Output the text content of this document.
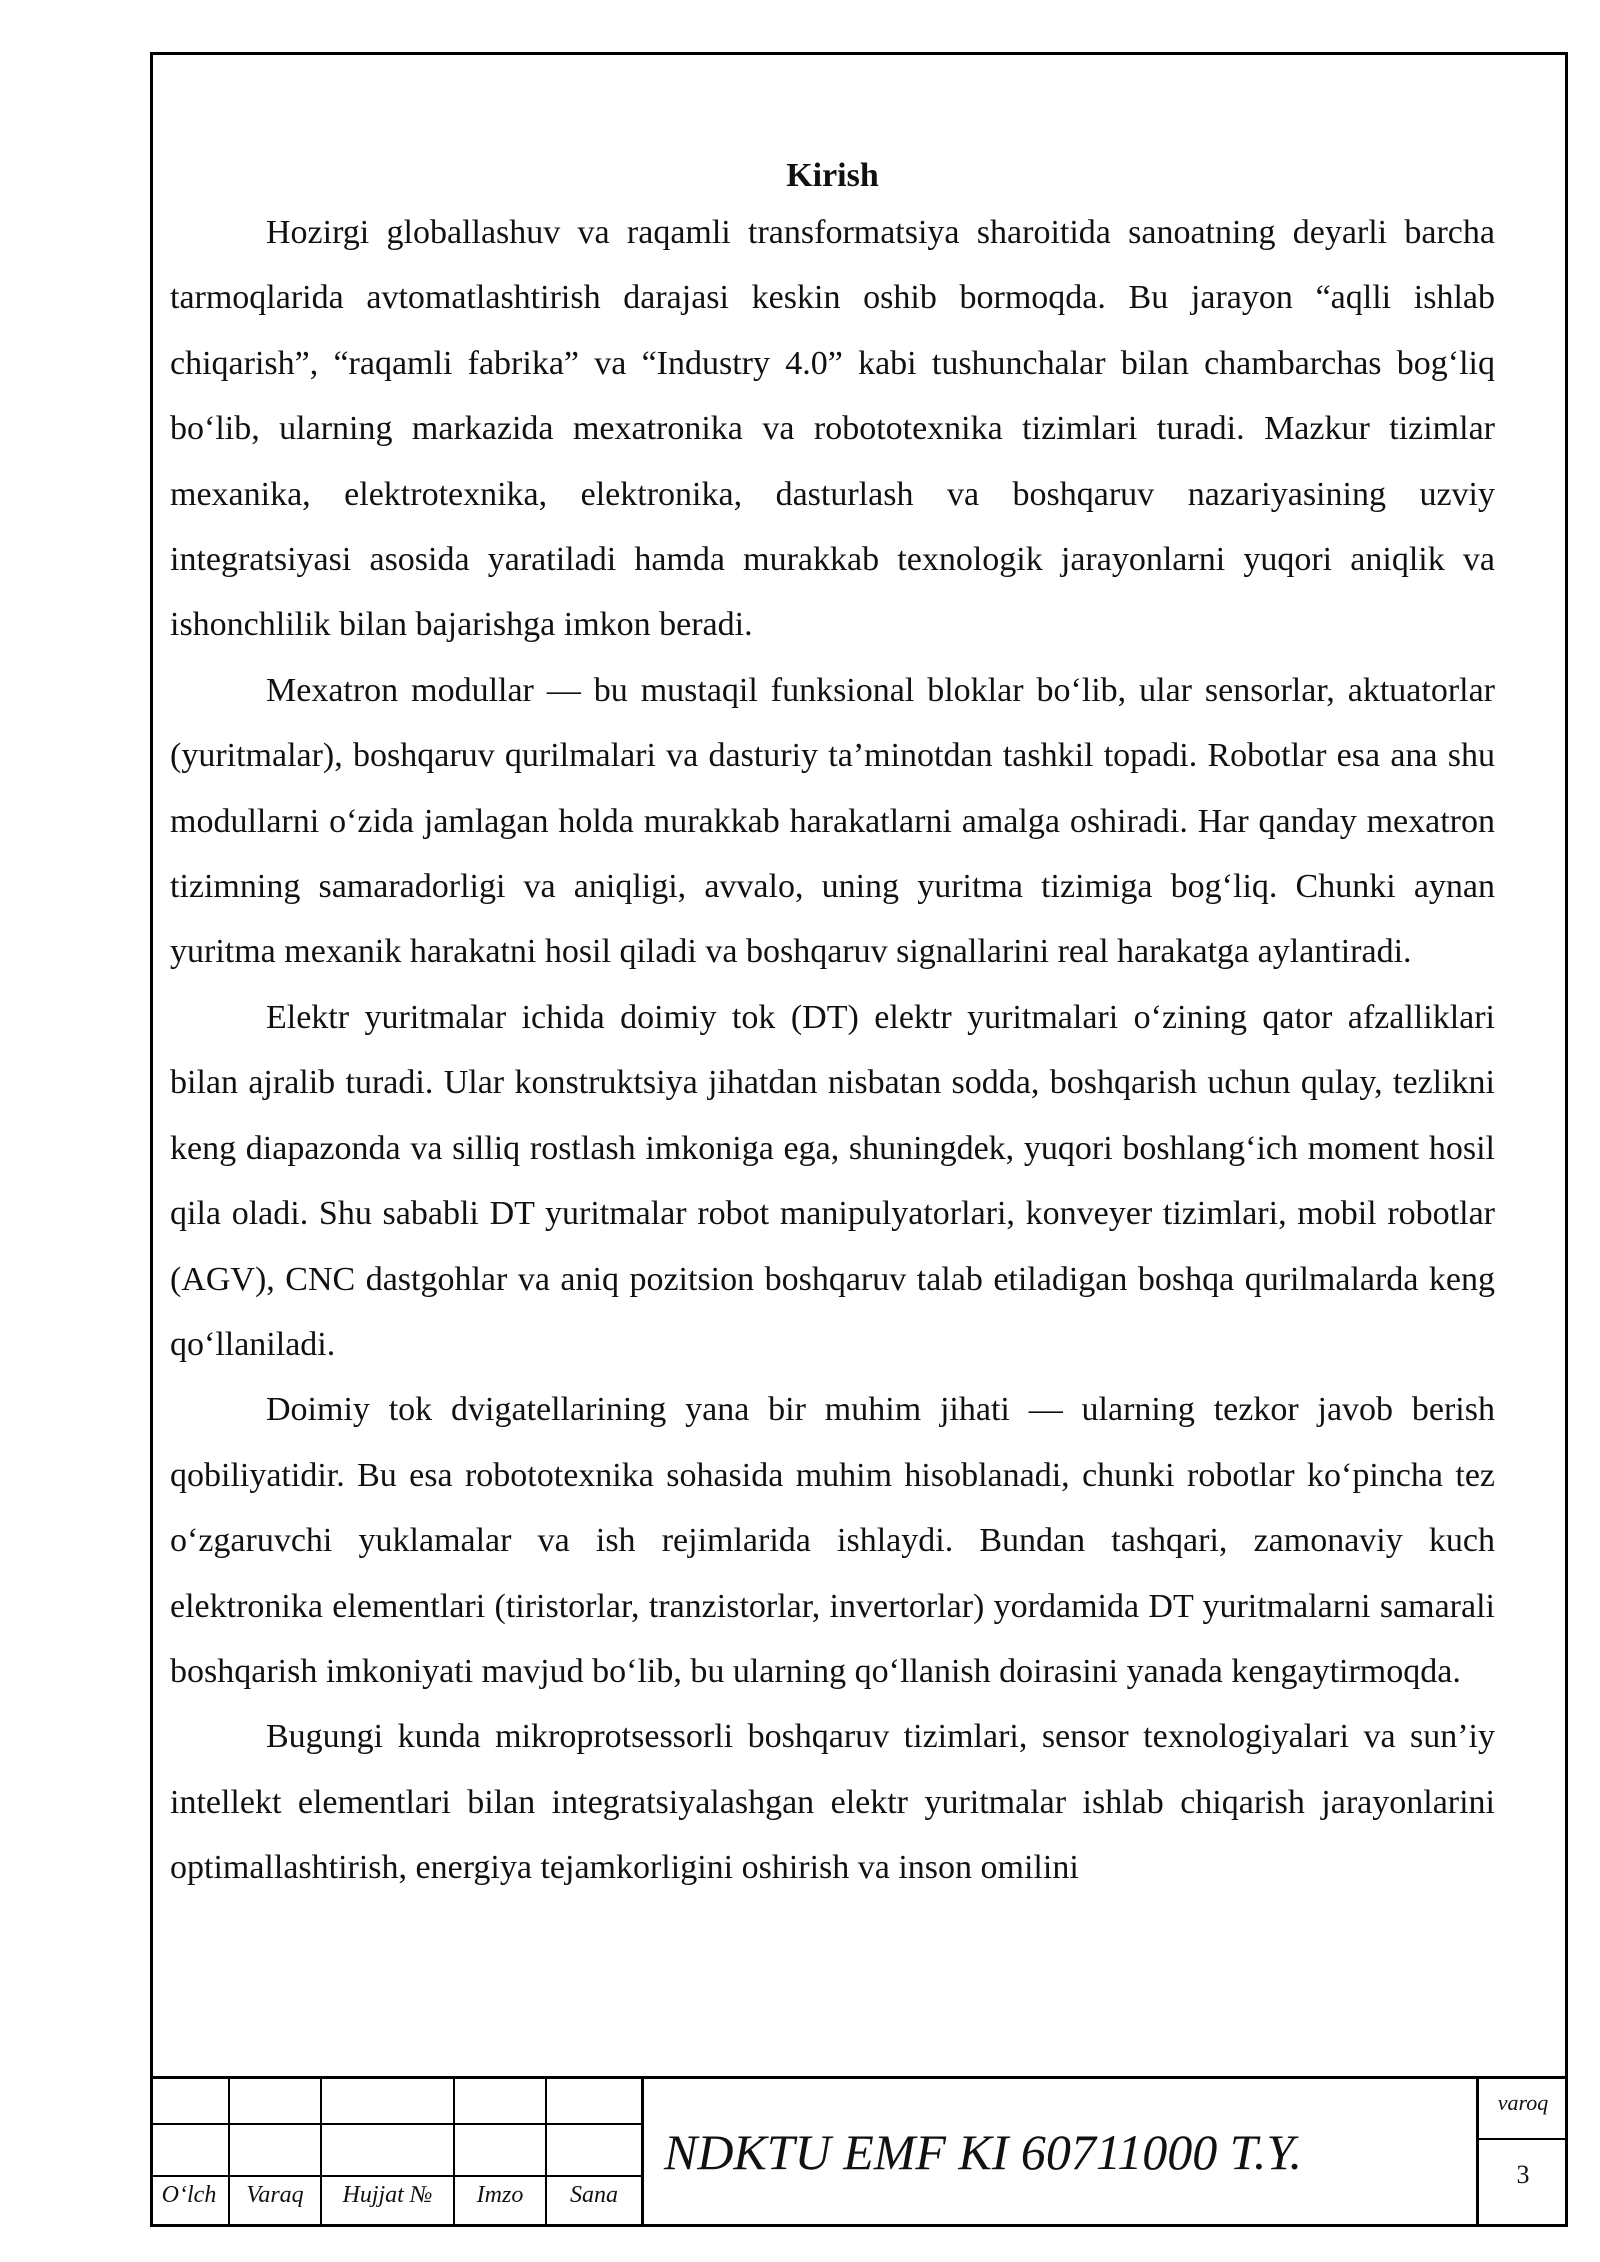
Kirish

Hozirgi globallashuv va raqamli transformatsiya sharoitida sanoatning deyarli barcha tarmoqlarida avtomatlashtirish darajasi keskin oshib bormoqda. Bu jarayon “aqlli ishlab chiqarish”, “raqamli fabrika” va “Industry 4.0” kabi tushunchalar bilan chambarchas bog‘liq bo‘lib, ularning markazida mexatronika va robototexnika tizimlari turadi. Mazkur tizimlar mexanika, elektrotexnika, elektronika, dasturlash va boshqaruv nazariyasining uzviy integratsiyasi asosida yaratiladi hamda murakkab texnologik jarayonlarni yuqori aniqlik va ishonchlilik bilan bajarishga imkon beradi.

Mexatron modullar — bu mustaqil funksional bloklar bo‘lib, ular sensorlar, aktuatorlar (yuritmalar), boshqaruv qurilmalari va dasturiy ta’minotdan tashkil topadi. Robotlar esa ana shu modullarni o‘zida jamlagan holda murakkab harakatlarni amalga oshiradi. Har qanday mexatron tizimning samaradorligi va aniqligi, avvalo, uning yuritma tizimiga bog‘liq. Chunki aynan yuritma mexanik harakatni hosil qiladi va boshqaruv signallarini real harakatga aylantiradi.

Elektr yuritmalar ichida doimiy tok (DT) elektr yuritmalari o‘zining qator afzalliklari bilan ajralib turadi. Ular konstruktsiya jihatdan nisbatan sodda, boshqarish uchun qulay, tezlikni keng diapazonda va silliq rostlash imkoniga ega, shuningdek, yuqori boshlang‘ich moment hosil qila oladi. Shu sababli DT yuritmalar robot manipulyatorlari, konveyer tizimlari, mobil robotlar (AGV), CNC dastgohlar va aniq pozitsion boshqaruv talab etiladigan boshqa qurilmalarda keng qo‘llaniladi.

Doimiy tok dvigatellarining yana bir muhim jihati — ularning tezkor javob berish qobiliyatidir. Bu esa robototexnika sohasida muhim hisoblanadi, chunki robotlar ko‘pincha tez o‘zgaruvchi yuklamalar va ish rejimlarida ishlaydi. Bundan tashqari, zamonaviy kuch elektronika elementlari (tiristorlar, tranzistorlar, invertorlar) yordamida DT yuritmalarni samarali boshqarish imkoniyati mavjud bo‘lib, bu ularning qo‘llanish doirasini yanada kengaytirmoqda.

Bugungi kunda mikroprotsessorli boshqaruv tizimlari, sensor texnologiyalari va sun’iy intellekt elementlari bilan integratsiyalashgan elektr yuritmalar ishlab chiqarish jarayonlarini optimallashtirish, energiya tejamkorligini oshirish va inson omilini

O‘lch	Varaq	Hujjat №	Imzo	Sana
NDKTU EMF KI 60711000 T.Y.
varoq
3
